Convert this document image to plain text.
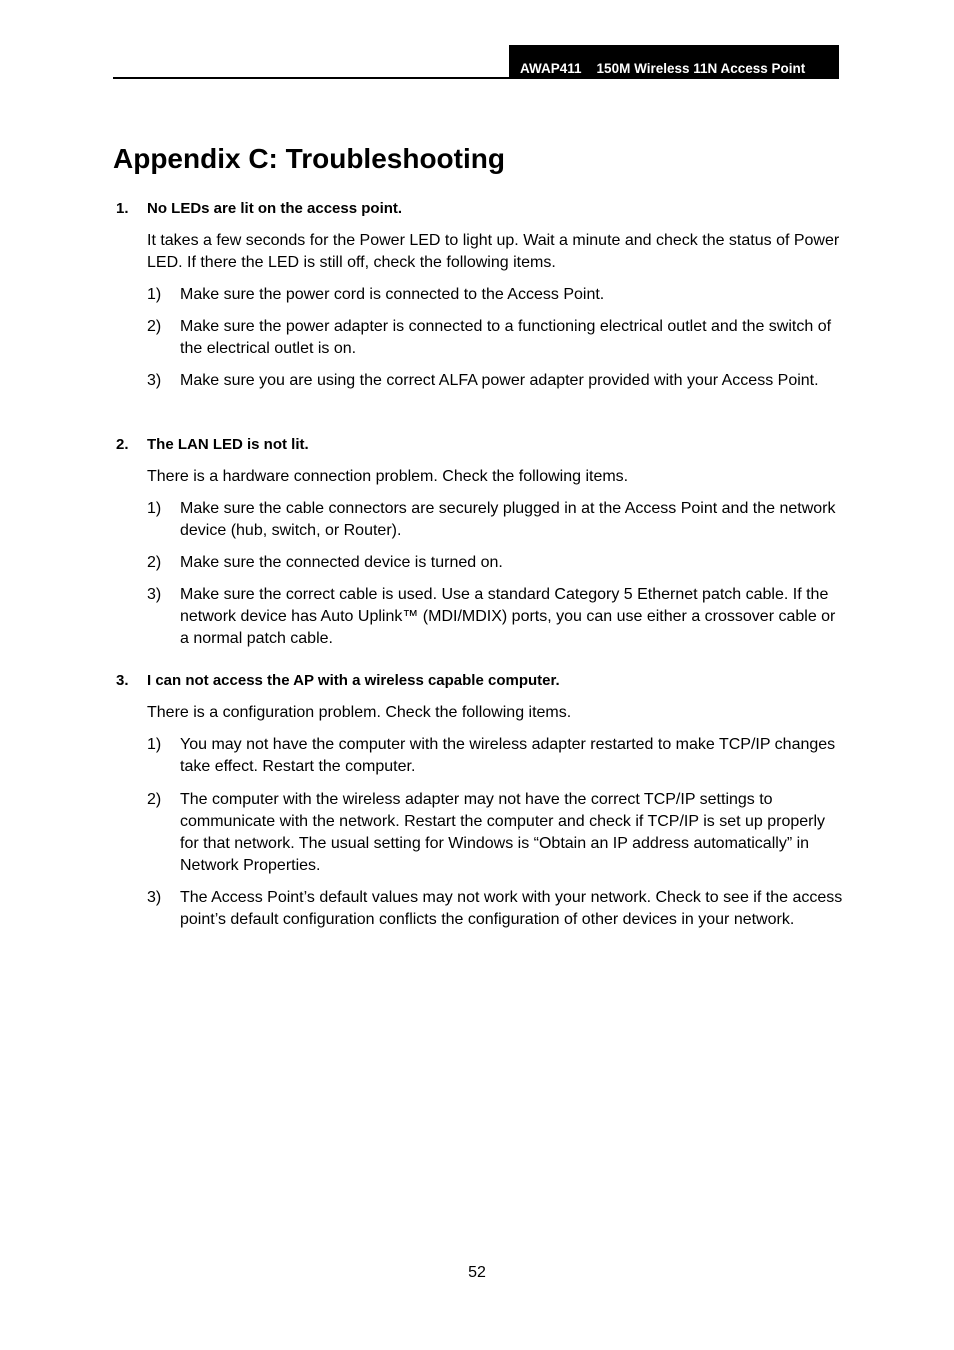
AWAP411 150M Wireless 11N Access Point
Appendix C: Troubleshooting
1. No LEDs are lit on the access point.

It takes a few seconds for the Power LED to light up. Wait a minute and check the status of Power LED. If there the LED is still off, check the following items.

1) Make sure the power cord is connected to the Access Point.

2) Make sure the power adapter is connected to a functioning electrical outlet and the switch of the electrical outlet is on.

3) Make sure you are using the correct ALFA power adapter provided with your Access Point.

2. The LAN LED is not lit.

There is a hardware connection problem. Check the following items.

1) Make sure the cable connectors are securely plugged in at the Access Point and the network device (hub, switch, or Router).

2) Make sure the connected device is turned on.

3) Make sure the correct cable is used. Use a standard Category 5 Ethernet patch cable. If the network device has Auto Uplink™ (MDI/MDIX) ports, you can use either a crossover cable or a normal patch cable.

3. I can not access the AP with a wireless capable computer.

There is a configuration problem. Check the following items.

1) You may not have the computer with the wireless adapter restarted to make TCP/IP changes take effect. Restart the computer.

2) The computer with the wireless adapter may not have the correct TCP/IP settings to communicate with the network. Restart the computer and check if TCP/IP is set up properly for that network. The usual setting for Windows is “Obtain an IP address automatically” in Network Properties.

3) The Access Point’s default values may not work with your network. Check to see if the access point’s default configuration conflicts the configuration of other devices in your network.

52
